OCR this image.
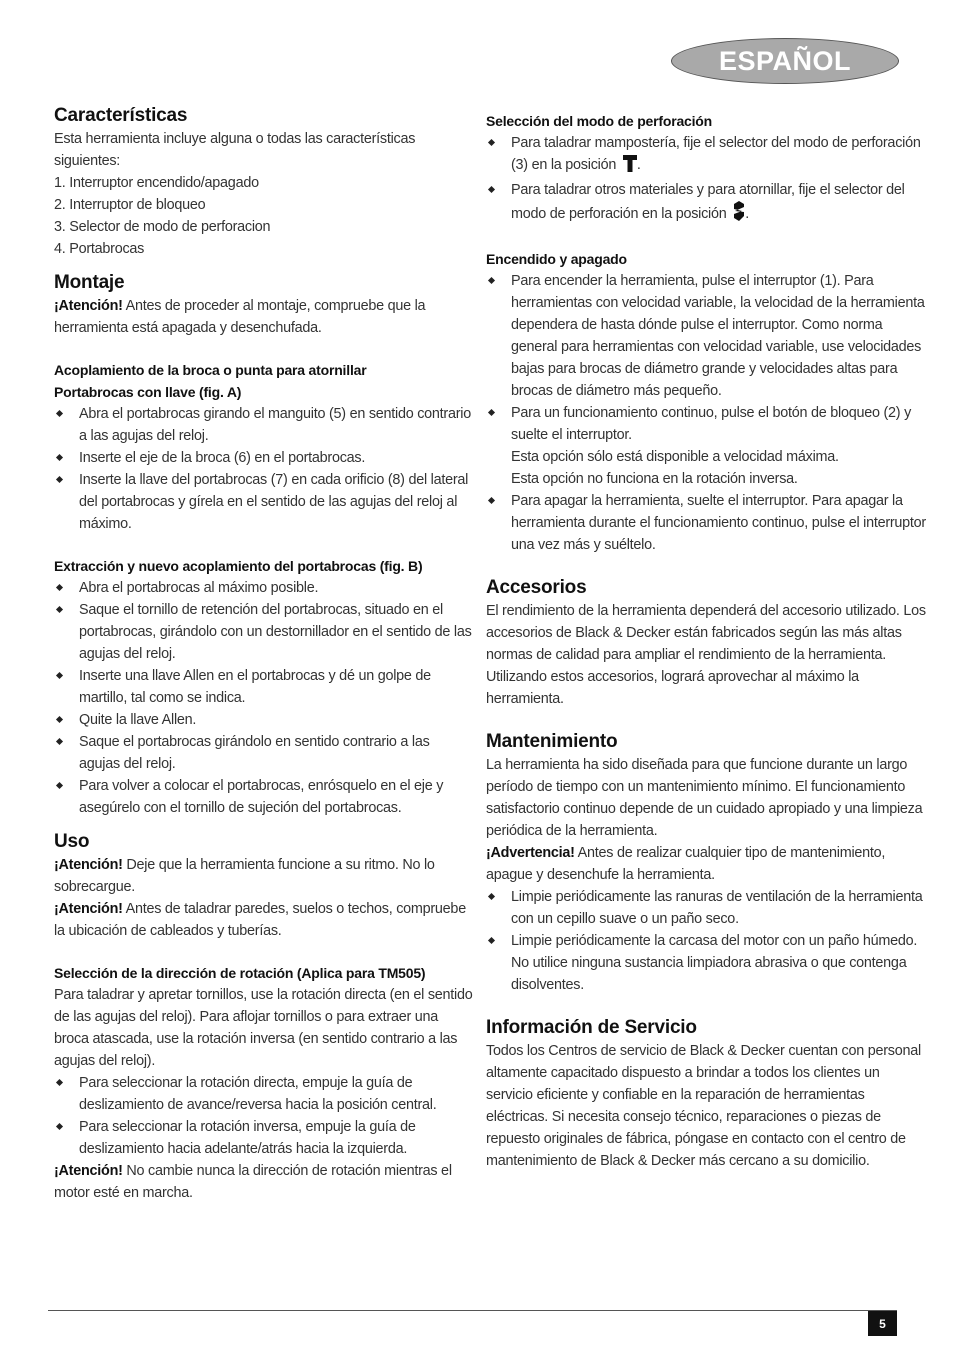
ESPAÑOL
Características

Esta herramienta incluye alguna o todas las características siguientes:

1. Interruptor encendido/apagado

2. Interruptor de bloqueo

3. Selector de modo de perforacion

4. Portabrocas

Montaje

¡Atención! Antes de proceder al montaje, compruebe que la herramienta está apagada y desenchufada.

Acoplamiento de la broca o punta para atornillar
Portabrocas con llave (fig. A)
Abra el portabrocas girando el manguito (5) en sentido contrario a las agujas del reloj.
Inserte el eje de la broca (6) en el portabrocas.
Inserte la llave del portabrocas (7) en cada orificio (8) del lateral del portabrocas y gírela en el sentido de las agujas del reloj al máximo.
Extracción y nuevo acoplamiento del portabrocas (fig. B)
Abra el portabrocas al máximo posible.
Saque el tornillo de retención del portabrocas, situado en el portabrocas, girándolo con un destornillador en el sentido de las agujas del reloj.
Inserte una llave Allen en el portabrocas y dé un golpe de martillo, tal como se indica.
Quite la llave Allen.
Saque el portabrocas girándolo en sentido contrario a las agujas del reloj.
Para volver a colocar el portabrocas, enrósquelo en el eje y asegúrelo con el tornillo de sujeción del portabrocas.
Uso

¡Atención! Deje que la herramienta funcione a su ritmo. No lo sobrecargue.

¡Atención! Antes de taladrar paredes, suelos o techos, compruebe la ubicación de cableados y tuberías.

Selección de la dirección de rotación (Aplica para TM505)

Para taladrar y apretar tornillos, use la rotación directa (en el sentido de las agujas del reloj). Para aflojar tornillos o para extraer una broca atascada, use la rotación inversa (en sentido contrario a las agujas del reloj).

Para seleccionar la rotación directa, empuje la guía de deslizamiento de avance/reversa hacia la posición central.
Para seleccionar la rotación inversa, empuje la guía de deslizamiento hacia adelante/atrás hacia la izquierda.

¡Atención! No cambie nunca la dirección de rotación mientras el motor esté en marcha.

Selección del modo de perforación
Para taladrar mampostería, fije el selector del modo de perforación (3) en la posición .
Para taladrar otros materiales y para atornillar, fije el selector del modo de perforación en la posición .
Encendido y apagado
Para encender la herramienta, pulse el interruptor (1). Para herramientas con velocidad variable, la velocidad de la herramienta dependera de hasta dónde pulse el interruptor. Como norma general para herramientas con velocidad variable, use velocidades bajas para brocas de diámetro grande y velocidades altas para brocas de diámetro más pequeño.
Para un funcionamiento continuo, pulse el botón de bloqueo (2) y suelte el interruptor.
Esta opción sólo está disponible a velocidad máxima.
Esta opción no funciona en la rotación inversa.
Para apagar la herramienta, suelte el interruptor. Para apagar la herramienta durante el funcionamiento continuo, pulse el interruptor una vez más y suéltelo.
Accesorios

El rendimiento de la herramienta dependerá del accesorio utilizado. Los accesorios de Black & Decker están fabricados según las más altas normas de calidad para ampliar el rendimiento de la herramienta. Utilizando estos accesorios, logrará aprovechar al máximo la herramienta.

Mantenimiento

La herramienta ha sido diseñada para que funcione durante un largo período de tiempo con un mantenimiento mínimo. El funcionamiento satisfactorio continuo depende de un cuidado apropiado y una limpieza periódica de la herramienta.

¡Advertencia! Antes de realizar cualquier tipo de mantenimiento, apague y desenchufe la herramienta.

Limpie periódicamente las ranuras de ventilación de la herramienta con un cepillo suave o un paño seco.
Limpie periódicamente la carcasa del motor con un paño húmedo. No utilice ninguna sustancia limpiadora abrasiva o que contenga disolventes.
Información de Servicio

Todos los Centros de servicio de Black & Decker cuentan con personal altamente capacitado dispuesto a brindar a todos los clientes un servicio eficiente y confiable en la reparación de herramientas eléctricas. Si necesita consejo técnico, reparaciones o piezas de repuesto originales de fábrica, póngase en contacto con el centro de mantenimiento de Black & Decker más cercano a su domicilio.

5
